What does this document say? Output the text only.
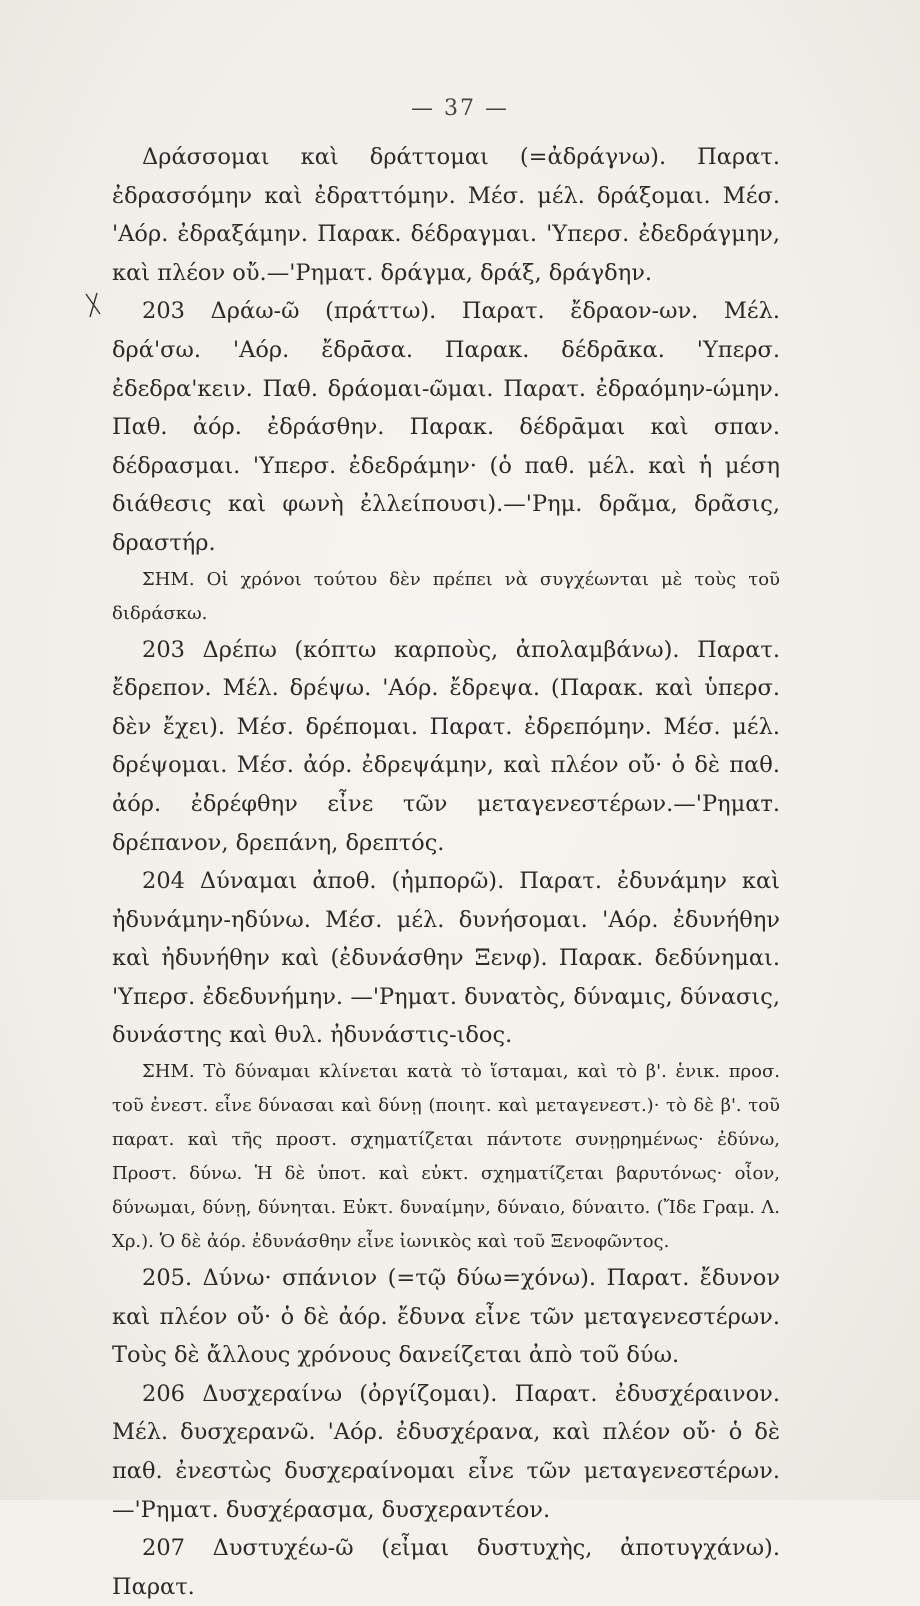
— 37 —

Δράσσομαι καὶ δράττομαι (=ἀδράγνω). Παρατ. ἐδρασσόμην καὶ ἐδραττόμην. Μέσ. μέλ. δράξομαι. Μέσ. 'Αόρ. ἐδραξάμην. Παρακ. δέδραγμαι. 'Υπερσ. ἐδεδράγμην, καὶ πλέον οὔ.—'Ρηματ. δράγμα, δράξ, δράγδην.

203 Δράω-ῶ (πράττω). Παρατ. ἔδραον-ων. Μέλ. δρά'σω. 'Αόρ. ἔδρᾱσα. Παρακ. δέδρᾱκα. 'Υπερσ. ἐδεδρα'κειν. Παθ. δράομαι-ῶμαι. Παρατ. ἐδραόμην-ώμην. Παθ. ἀόρ. ἐδράσθην. Παρακ. δέδρᾱμαι καὶ σπαν. δέδρασμαι. 'Υπερσ. ἐδεδράμην· (ὁ παθ. μέλ. καὶ ἡ μέση διάθεσις καὶ φωνὴ ἐλλείπουσι).—'Ρημ. δρᾶμα, δρᾶσις, δραστήρ.

ΣΗΜ. Οἱ χρόνοι τούτου δὲν πρέπει νὰ συγχέωνται μὲ τοὺς τοῦ διδράσκω.

203 Δρέπω (κόπτω καρποὺς, ἀπολαμβάνω). Παρατ. ἔδρεπον. Μέλ. δρέψω. 'Αόρ. ἔδρεψα. (Παρακ. καὶ ὑπερσ. δὲν ἔχει). Μέσ. δρέπομαι. Παρατ. ἐδρεπόμην. Μέσ. μέλ. δρέψομαι. Μέσ. ἀόρ. ἐδρεψάμην, καὶ πλέον οὔ· ὁ δὲ παθ. ἀόρ. ἐδρέφθην εἶνε τῶν μεταγενεστέρων.—'Ρημαт. δρέπανον, δρεπάνη, δρεπτός.

204 Δύναμαι ἀποθ. (ἠμπορῶ). Παρατ. ἐδυνάμην καὶ ἠδυνάμην-ηδύνω. Μέσ. μέλ. δυνήσομαι. 'Αόρ. ἐδυνήθην καὶ ἠδυνήθην καὶ (ἐδυνάσθην Ξενφ). Παρακ. δεδύνημαι. 'Υπερσ. ἐδεδυνήμην. —'Ρηματ. δυνατὸς, δύναμις, δύνασις, δυνάστης καὶ θυλ. ἠδυνάστις-ιδος.

ΣΗΜ. Τὸ δύναμαι κλίνεται κατὰ τὸ ἵσταμαι, καὶ τὸ β'. ἑνικ. προσ. τοῦ ἐνεστ. εἶνε δύνασαι καὶ δύνῃ (ποιητ. καὶ μεταγενεστ.)· τὸ δὲ β'. τοῦ παρατ. καὶ τῆς προστ. σχηματίζεται πάντοτε συνῃρημένως· ἐδύνω, Προστ. δύνω. Ἡ δὲ ὑποτ. καὶ εὐκτ. σχηματίζεται βαρυτόνως· οἷον, δύνωμαι, δύνῃ, δύνηται. Εὐκτ. δυναίμην, δύναιο, δύναιτο. (Ἴδε Γραμ. Λ. Χρ.). Ὁ δὲ ἀόρ. ἐδυνάσθην εἶνε ἰωνικὸς καὶ τοῦ Ξενοφῶντος.

205. Δύνω· σπάνιον (=τῷ δύω=χόνω). Παρατ. ἔδυνον καὶ πλέον οὔ· ὁ δὲ ἀόρ. ἔδυνα εἶνε τῶν μεταγενεστέρων. Τοὺς δὲ ἄλλους χρόνους δανείζεται ἀπὸ τοῦ δύω.

206 Δυσχεραίνω (ὀργίζομαι). Παρατ. ἐδυσχέραινον. Μέλ. δυσχερανῶ. 'Αόρ. ἐδυσχέρανα, καὶ πλέον οὔ· ὁ δὲ παθ. ἐνεστὼς δυσχεραίνομαι εἶνε τῶν μεταγενεστέρων.—'Ρηματ. δυσχέρασμα, δυσχεραντέον.

207 Δυστυχέω-ῶ (εἶμαι δυστυχὴς, ἀποτυγχάνω). Παρατ.
